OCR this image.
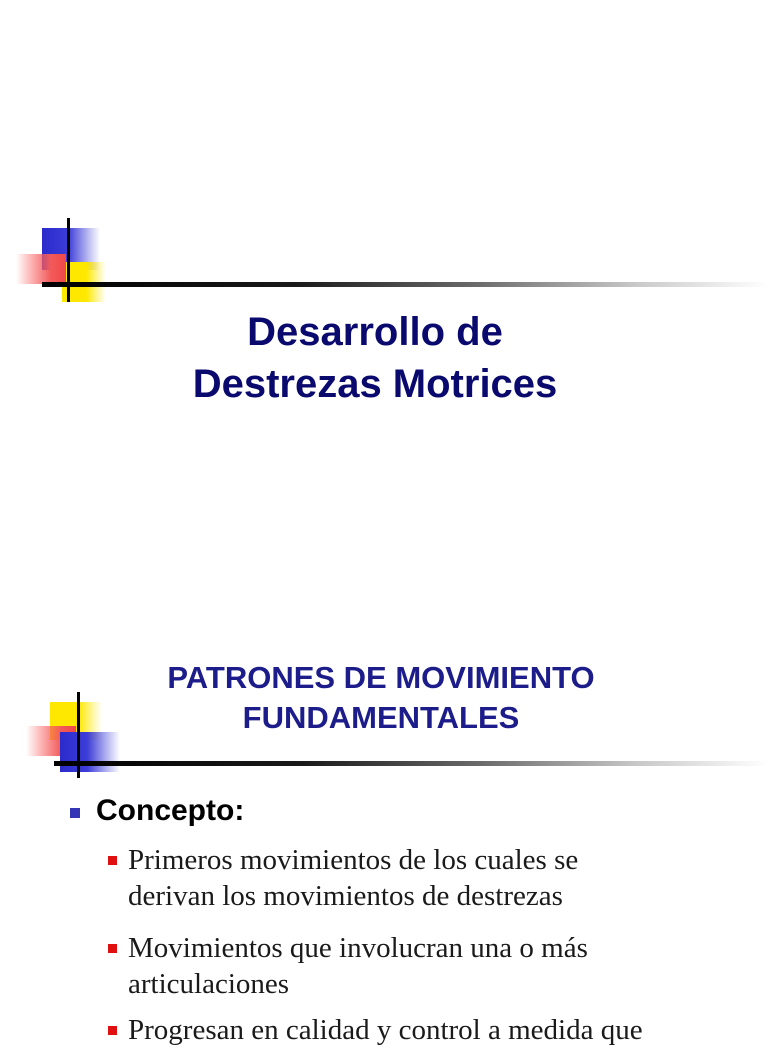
Desarrollo de
Destrezas Motrices
PATRONES DE MOVIMIENTO
FUNDAMENTALES
Concepto:
Primeros movimientos de los cuales se
derivan los movimientos de destrezas
Movimientos que involucran una o más
articulaciones
Progresan en calidad y control a medida que
